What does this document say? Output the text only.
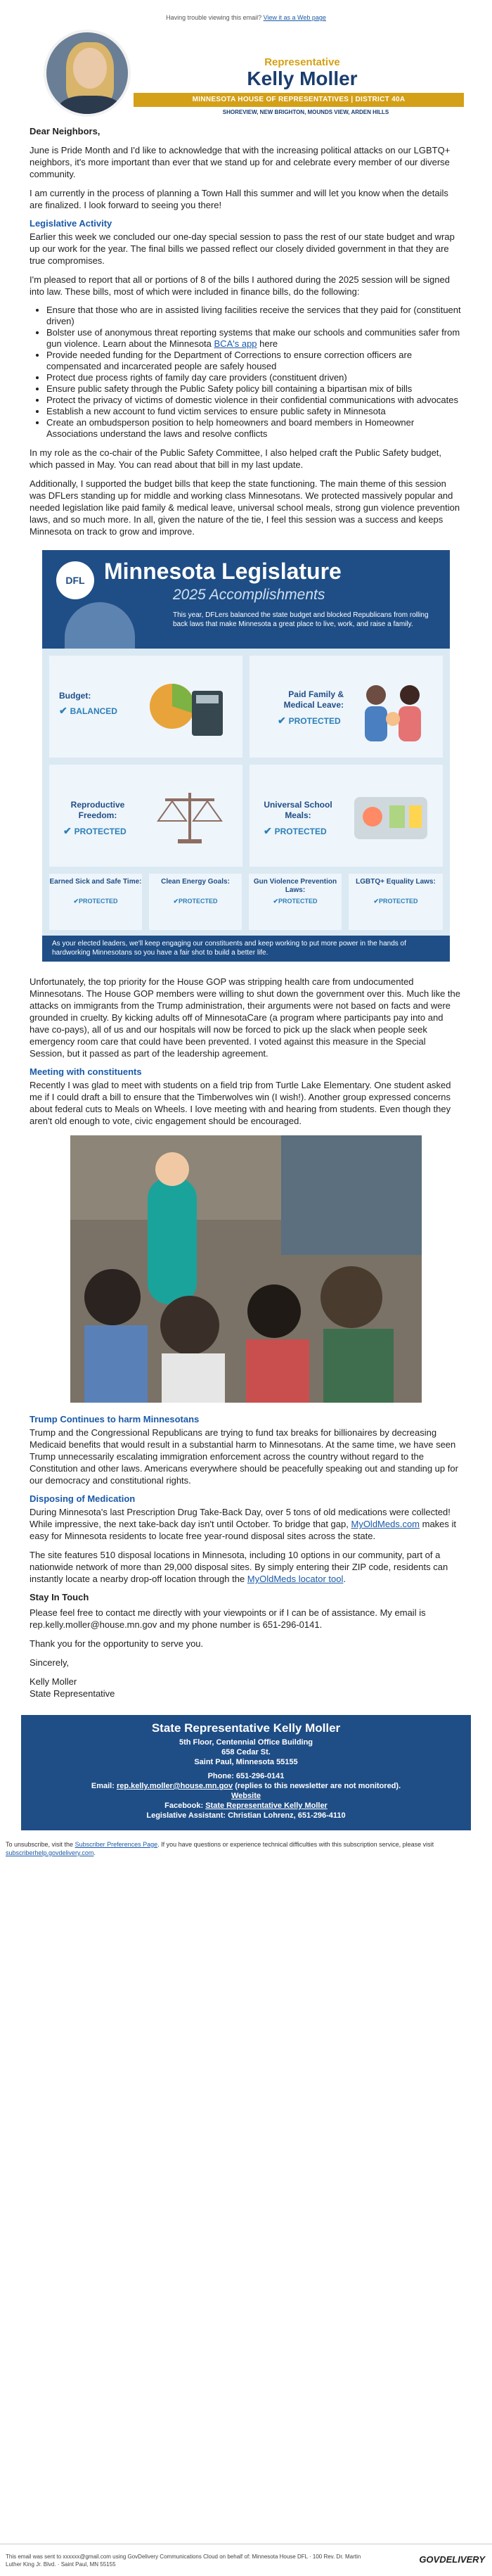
Having trouble viewing this email? View it as a Web page
Representative
Kelly Moller
MINNESOTA HOUSE OF REPRESENTATIVES | DISTRICT 40A
SHOREVIEW, NEW BRIGHTON, MOUNDS VIEW, ARDEN HILLS

Dear Neighbors,

June is Pride Month and I'd like to acknowledge that with the increasing political attacks on our LGBTQ+ neighbors, it's more important than ever that we stand up for and celebrate every member of our diverse community.

I am currently in the process of planning a Town Hall this summer and will let you know when the details are finalized. I look forward to seeing you there!

Legislative Activity

Earlier this week we concluded our one-day special session to pass the rest of our state budget and wrap up our work for the year. The final bills we passed reflect our closely divided government in that they are true compromises.

I'm pleased to report that all or portions of 8 of the bills I authored during the 2025 session will be signed into law. These bills, most of which were included in finance bills, do the following:

• Ensure that those who are in assisted living facilities receive the services that they paid for (constituent driven)
• Bolster use of anonymous threat reporting systems that make our schools and communities safer from gun violence. Learn about the Minnesota BCA's app here
• Provide needed funding for the Department of Corrections to ensure correction officers are compensated and incarcerated people are safely housed
• Protect due process rights of family day care providers (constituent driven)
• Ensure public safety through the Public Safety policy bill containing a bipartisan mix of bills
• Protect the privacy of victims of domestic violence in their confidential communications with advocates
• Establish a new account to fund victim services to ensure public safety in Minnesota
• Create an ombudsperson position to help homeowners and board members in Homeowner Associations understand the laws and resolve conflicts

In my role as the co-chair of the Public Safety Committee, I also helped craft the Public Safety budget, which passed in May. You can read about that bill in my last update.

Additionally, I supported the budget bills that keep the state functioning. The main theme of this session was DFLers standing up for middle and working class Minnesotans. We protected massively popular and needed legislation like paid family & medical leave, universal school meals, strong gun violence prevention laws, and so much more. In all, given the nature of the tie, I feel this session was a success and keeps Minnesota on track to grow and improve.

DFL Minnesota Legislature
2025 Accomplishments
This year, DFLers balanced the state budget and blocked Republicans from rolling back laws that make Minnesota a great place to live, work, and raise a family.
Budget:
✔ BALANCED
Paid Family & Medical Leave:
✔ PROTECTED
Reproductive Freedom:
✔ PROTECTED
Universal School Meals:
✔ PROTECTED
Earned Sick and Safe Time:
✔ PROTECTED
Clean Energy Goals:
✔ PROTECTED
Gun Violence Prevention Laws:
✔ PROTECTED
LGBTQ+ Equality Laws:
✔ PROTECTED
As your elected leaders, we'll keep engaging our constituents and keep working to put more power in the hands of hardworking Minnesotans so you have a fair shot to build a better life.

Unfortunately, the top priority for the House GOP was stripping health care from undocumented Minnesotans. The House GOP members were willing to shut down the government over this. Much like the attacks on immigrants from the Trump administration, their arguments were not based on facts and were grounded in cruelty. By kicking adults off of MinnesotaCare (a program where participants pay into and have co-pays), all of us and our hospitals will now be forced to pick up the slack when people seek emergency room care that could have been prevented. I voted against this measure in the Special Session, but it passed as part of the leadership agreement.

Meeting with constituents

Recently I was glad to meet with students on a field trip from Turtle Lake Elementary. One student asked me if I could draft a bill to ensure that the Timberwolves win (I wish!). Another group expressed concerns about federal cuts to Meals on Wheels. I love meeting with and hearing from students. Even though they aren't old enough to vote, civic engagement should be encouraged.

Trump Continues to harm Minnesotans

Trump and the Congressional Republicans are trying to fund tax breaks for billionaires by decreasing Medicaid benefits that would result in a substantial harm to Minnesotans. At the same time, we have seen Trump unnecessarily escalating immigration enforcement across the country without regard to the Constitution and other laws. Americans everywhere should be peacefully speaking out and standing up for our democracy and constitutional rights.

Disposing of Medication

During Minnesota's last Prescription Drug Take-Back Day, over 5 tons of old medications were collected! While impressive, the next take-back day isn't until October. To bridge that gap, MyOldMeds.com makes it easy for Minnesota residents to locate free year-round disposal sites across the state.

The site features 510 disposal locations in Minnesota, including 10 options in our community, part of a nationwide network of more than 29,000 disposal sites. By simply entering their ZIP code, residents can instantly locate a nearby drop-off location through the MyOldMeds locator tool.

Stay In Touch

Please feel free to contact me directly with your viewpoints or if I can be of assistance. My email is rep.kelly.moller@house.mn.gov and my phone number is 651-296-0141.

Thank you for the opportunity to serve you.

Sincerely,

Kelly Moller
State Representative

State Representative Kelly Moller
5th Floor, Centennial Office Building
658 Cedar St.
Saint Paul, Minnesota 55155
Phone: 651-296-0141
Email: rep.kelly.moller@house.mn.gov (replies to this newsletter are not monitored).
Website
Facebook: State Representative Kelly Moller
Legislative Assistant: Christian Lohrenz, 651-296-4110
To unsubscribe, visit the Subscriber Preferences Page. If you have questions or experience technical difficulties with this subscription service, please visit subscriberhelp.govdelivery.com.
This email was sent to xxxxxx@gmail.com using GovDelivery Communications Cloud on behalf of: Minnesota House DFL · 100 Rev. Dr. Martin Luther King Jr. Blvd. · Saint Paul, MN 55155	GOVDELIVERY
